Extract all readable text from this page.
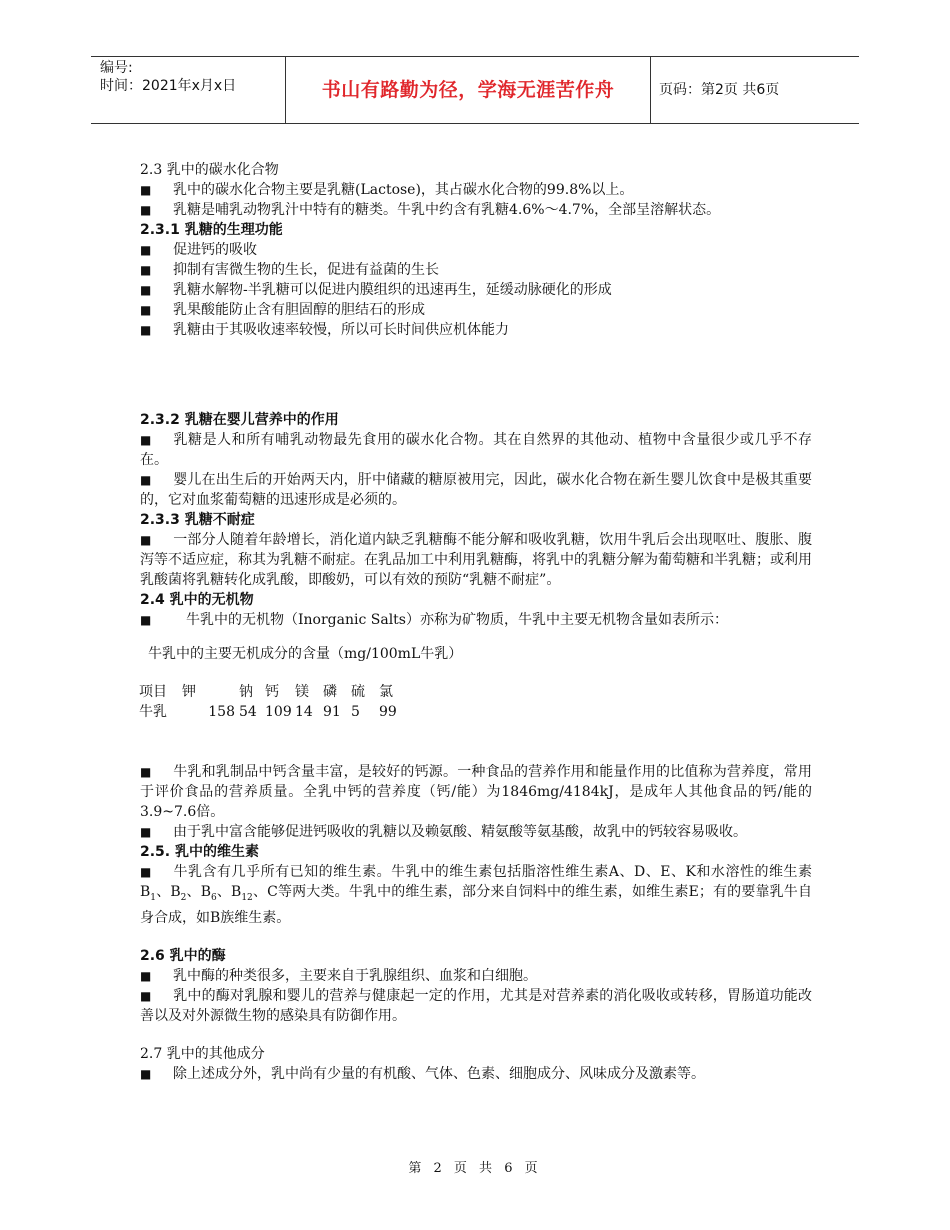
编号:
时间：2021年x月x日	书山有路勤为径，学海无涯苦作舟	页码：第2页 共6页

2.3 乳中的碳水化合物

■ 乳中的碳水化合物主要是乳糖(Lactose)，其占碳水化合物的99.8%以上。

■ 乳糖是哺乳动物乳汁中特有的糖类。牛乳中约含有乳糖4.6%～4.7%，全部呈溶解状态。

2.3.1 乳糖的生理功能

■ 促进钙的吸收

■ 抑制有害微生物的生长，促进有益菌的生长

■ 乳糖水解物-半乳糖可以促进内膜组织的迅速再生，延缓动脉硬化的形成

■ 乳果酸能防止含有胆固醇的胆结石的形成

■ 乳糖由于其吸收速率较慢，所以可长时间供应机体能力

2.3.2 乳糖在婴儿营养中的作用

■ 乳糖是人和所有哺乳动物最先食用的碳水化合物。其在自然界的其他动、植物中含量很少或几乎不存在。

■ 婴儿在出生后的开始两天内，肝中储藏的糖原被用完，因此，碳水化合物在新生婴儿饮食中是极其重要的，它对血浆葡萄糖的迅速形成是必须的。

2.3.3 乳糖不耐症

■ 一部分人随着年龄增长，消化道内缺乏乳糖酶不能分解和吸收乳糖，饮用牛乳后会出现呕吐、腹胀、腹泻等不适应症，称其为乳糖不耐症。在乳品加工中利用乳糖酶，将乳中的乳糖分解为葡萄糖和半乳糖；或利用乳酸菌将乳糖转化成乳酸，即酸奶，可以有效的预防“乳糖不耐症”。

2.4 乳中的无机物

■ 牛乳中的无机物（Inorganic Salts）亦称为矿物质，牛乳中主要无机物含量如表所示：

牛乳中的主要无机成分的含量（mg/100mL牛乳）

项目	钾	钠	钙	镁	磷	硫	氯
牛乳	158	54	109	14	91	5	99

■ 牛乳和乳制品中钙含量丰富，是较好的钙源。一种食品的营养作用和能量作用的比值称为营养度，常用于评价食品的营养质量。全乳中钙的营养度（钙/能）为1846mg/4184kJ，是成年人其他食品的钙/能的3.9~7.6倍。

■ 由于乳中富含能够促进钙吸收的乳糖以及赖氨酸、精氨酸等氨基酸，故乳中的钙较容易吸收。

2.5. 乳中的维生素

■ 牛乳含有几乎所有已知的维生素。牛乳中的维生素包括脂溶性维生素A、D、E、K和水溶性的维生素$B_1$、$B_2$、$B_6$、$B_{12}$、C等两大类。牛乳中的维生素，部分来自饲料中的维生素，如维生素E；有的要靠乳牛自身合成，如B族维生素。

2.6 乳中的酶

■ 乳中酶的种类很多，主要来自于乳腺组织、血浆和白细胞。

■ 乳中的酶对乳腺和婴儿的营养与健康起一定的作用，尤其是对营养素的消化吸收或转移，胃肠道功能改善以及对外源微生物的感染具有防御作用。

2.7 乳中的其他成分

■ 除上述成分外，乳中尚有少量的有机酸、气体、色素、细胞成分、风味成分及激素等。

第 2 页 共 6 页
